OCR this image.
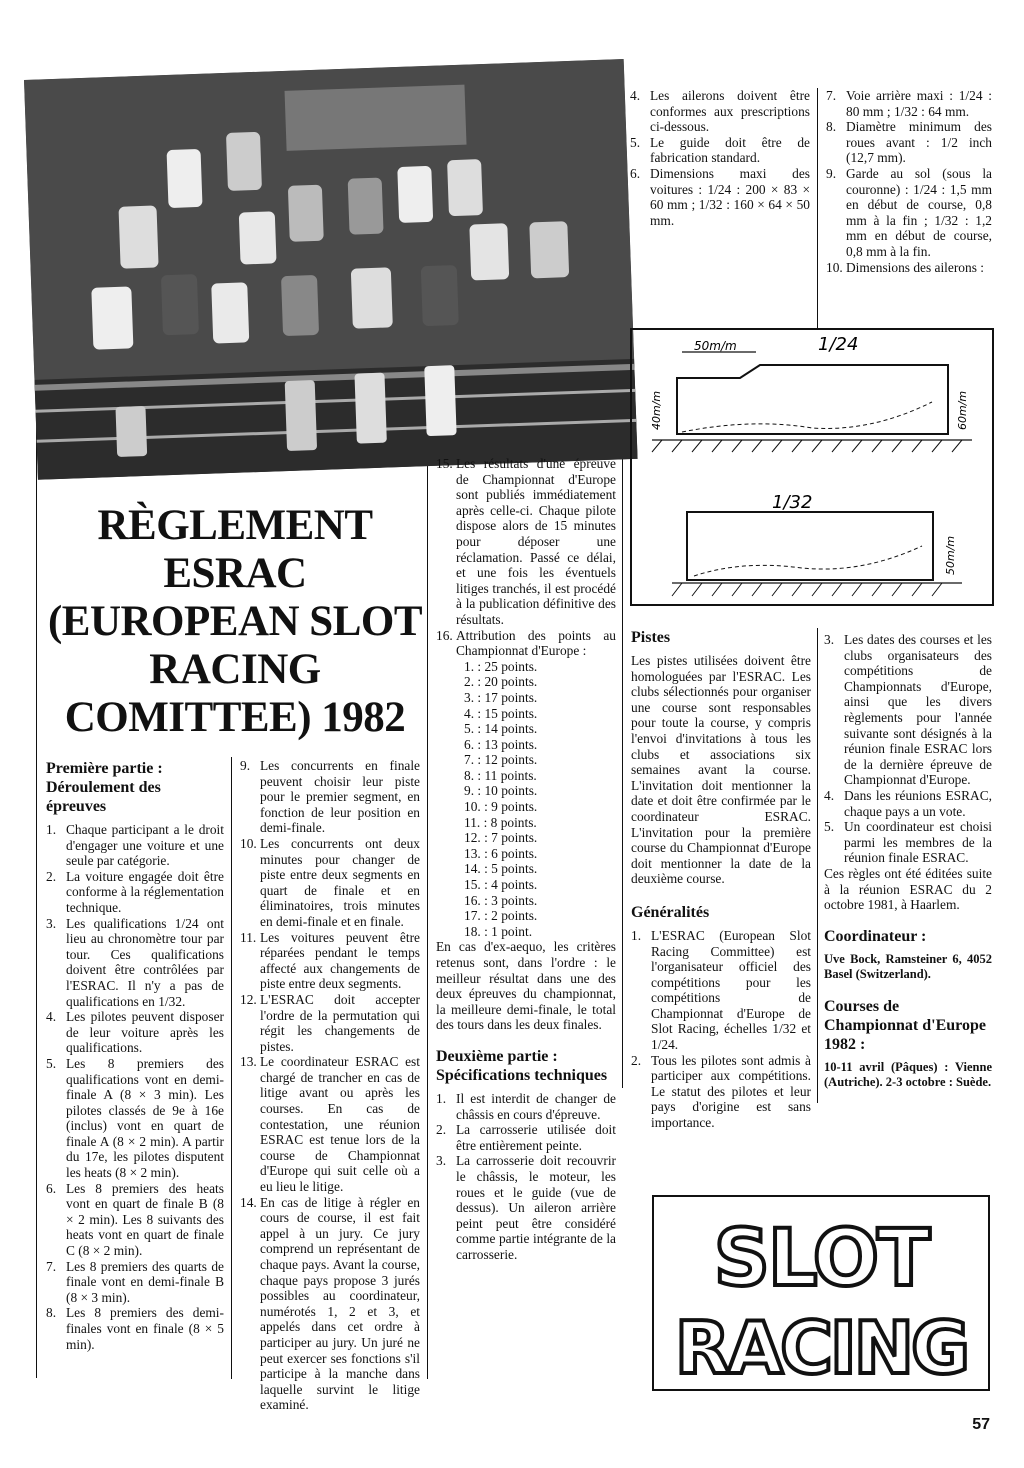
RÈGLEMENT ESRAC (EUROPEAN SLOT RACING COMITTEE) 1982
Première partie : Déroulement des épreuves
1. Chaque participant a le droit d'engager une voiture et une seule par catégorie.
2. La voiture engagée doit être conforme à la réglementation technique.
3. Les qualifications 1/24 ont lieu au chronomètre tour par tour. Ces qualifications doivent être contrôlées par l'ESRAC. Il n'y a pas de qualifications en 1/32.
4. Les pilotes peuvent disposer de leur voiture après les qualifications.
5. Les 8 premiers des qualifications vont en demi-finale A (8 × 3 min). Les pilotes classés de 9e à 16e (inclus) vont en quart de finale A (8 × 2 min). A partir du 17e, les pilotes disputent les heats (8 × 2 min).
6. Les 8 premiers des heats vont en quart de finale B (8 × 2 min). Les 8 suivants des heats vont en quart de finale C (8 × 2 min).
7. Les 8 premiers des quarts de finale vont en demi-finale B (8 × 3 min).
8. Les 8 premiers des demi-finales vont en finale (8 × 5 min).
9. Les concurrents en finale peuvent choisir leur piste pour le premier segment, en fonction de leur position en demi-finale.
10. Les concurrents ont deux minutes pour changer de piste entre deux segments en quart de finale et en éliminatoires, trois minutes en demi-finale et en finale.
11. Les voitures peuvent être réparées pendant le temps affecté aux changements de piste entre deux segments.
12. L'ESRAC doit accepter l'ordre de la permutation qui régit les changements de pistes.
13. Le coordinateur ESRAC est chargé de trancher en cas de litige avant ou après les courses. En cas de contestation, une réunion ESRAC est tenue lors de la course de Championnat d'Europe qui suit celle où a eu lieu le litige.
14. En cas de litige à régler en cours de course, il est fait appel à un jury. Ce jury comprend un représentant de chaque pays. Avant la course, chaque pays propose 3 jurés possibles au coordinateur, numérotés 1, 2 et 3, et appelés dans cet ordre à participer au jury. Un juré ne peut exercer ses fonctions s'il participe à la manche dans laquelle survint le litige examiné.
15. Les résultats d'une épreuve de Championnat d'Europe sont publiés immédiatement après celle-ci. Chaque pilote dispose alors de 15 minutes pour déposer une réclamation. Passé ce délai, et une fois les éventuels litiges tranchés, il est procédé à la publication définitive des résultats.
16. Attribution des points au Championnat d'Europe :
1. : 25 points.
2. : 20 points.
3. : 17 points.
4. : 15 points.
5. : 14 points.
6. : 13 points.
7. : 12 points.
8. : 11 points.
9. : 10 points.
10. : 9 points.
11. : 8 points.
12. : 7 points.
13. : 6 points.
14. : 5 points.
15. : 4 points.
16. : 3 points.
17. : 2 points.
18. : 1 point.

En cas d'ex-aequo, les critères retenus sont, dans l'ordre : le meilleur résultat dans une des deux épreuves du championnat, la meilleure demi-finale, le total des tours dans les deux finales.

Deuxième partie : Spécifications techniques
1. Il est interdit de changer de châssis en cours d'épreuve.
2. La carrosserie utilisée doit être entièrement peinte.
3. La carrosserie doit recouvrir le châssis, le moteur, les roues et le guide (vue de dessus). Un aileron arrière peint peut être considéré comme partie intégrante de la carrosserie.
4. Les ailerons doivent être conformes aux prescriptions ci-dessous.
5. Le guide doit être de fabrication standard.
6. Dimensions maxi des voitures : 1/24 : 200 × 83 × 60 mm ; 1/32 : 160 × 64 × 50 mm.
7. Voie arrière maxi : 1/24 : 80 mm ; 1/32 : 64 mm.
8. Diamètre minimum des roues avant : 1/2 inch (12,7 mm).
9. Garde au sol (sous la couronne) : 1/24 : 1,5 mm en début de course, 0,8 mm à la fin ; 1/32 : 1,2 mm en début de course, 0,8 mm à la fin.
10. Dimensions des ailerons :
50m/m	1/24
40m/m	60m/m
1/32
50m/m
Pistes

Les pistes utilisées doivent être homologuées par l'ESRAC. Les clubs sélectionnés pour organiser une course sont responsables pour toute la course, y compris l'envoi d'invitations à tous les clubs et associations six semaines avant la course. L'invitation doit mentionner la date et doit être confirmée par le coordinateur ESRAC. L'invitation pour la première course du Championnat d'Europe doit mentionner la date de la deuxième course.

Généralités
1. L'ESRAC (European Slot Racing Committee) est l'organisateur officiel des compétitions pour les compétitions de Championnat d'Europe de Slot Racing, échelles 1/32 et 1/24.
2. Tous les pilotes sont admis à participer aux compétitions. Le statut des pilotes et leur pays d'origine est sans importance.
3. Les dates des courses et les clubs organisateurs des compétitions de Championnats d'Europe, ainsi que les divers règlements pour l'année suivante sont désignés à la réunion finale ESRAC lors de la dernière épreuve de Championnat d'Europe.
4. Dans les réunions ESRAC, chaque pays a un vote.
5. Un coordinateur est choisi parmi les membres de la réunion finale ESRAC.

Ces règles ont été éditées suite à la réunion ESRAC du 2 octobre 1981, à Haarlem.

Coordinateur :

Uve Bock, Ramsteiner 6, 4052 Basel (Switzerland).

Courses de Championnat d'Europe 1982 :

10-11 avril (Pâques) : Vienne (Autriche). 2-3 octobre : Suède.

SLOT
RACING
57
